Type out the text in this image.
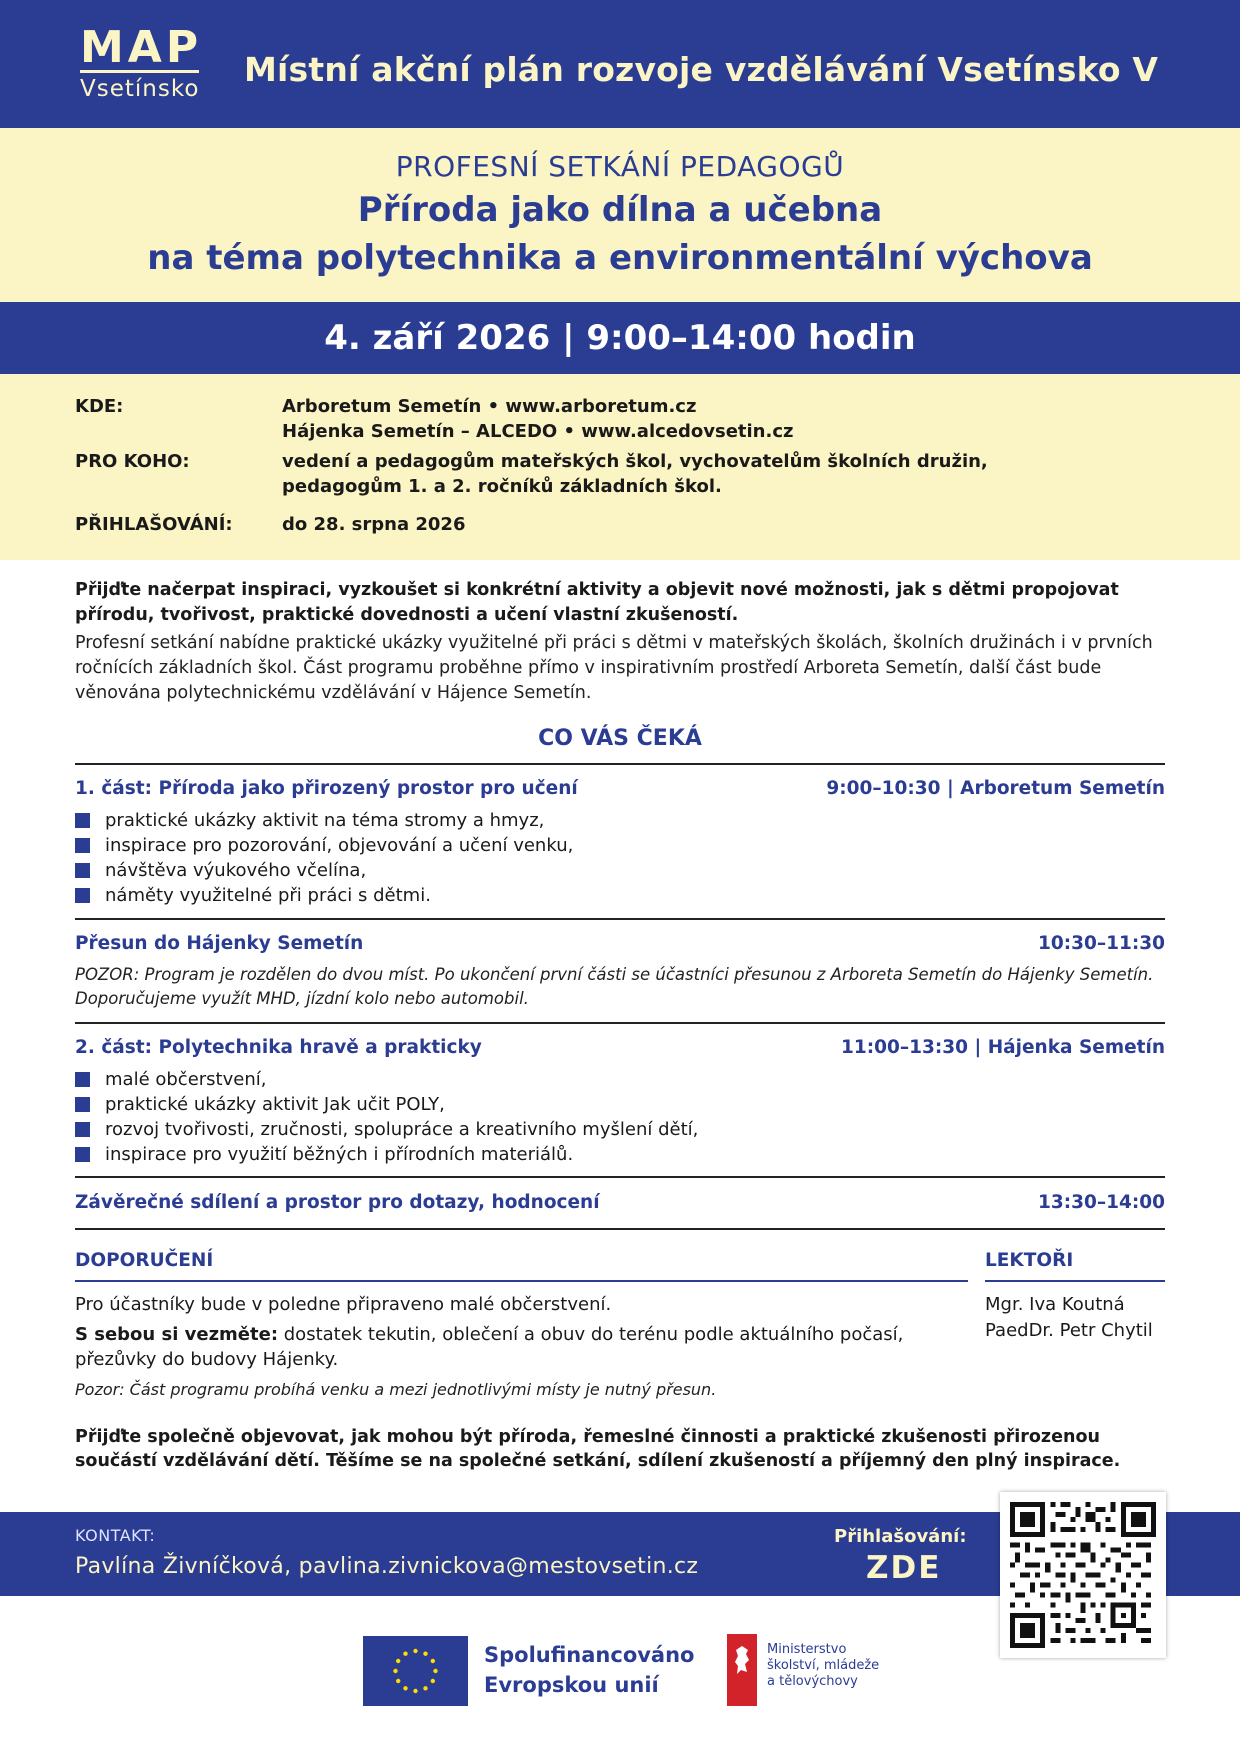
MAP
Vsetínsko	Místní akční plán rozvoje vzdělávání Vsetínsko V
PROFESNÍ SETKÁNÍ PEDAGOGŮ
Příroda jako dílna a učebna
na téma polytechnika a environmentální výchova
4. září 2026 | 9:00–14:00 hodin
KDE:	Arboretum Semetín • www.arboretum.cz
Hájenka Semetín – ALCEDO • www.alcedovsetin.cz
PRO KOHO:	vedení a pedagogům mateřských škol, vychovatelům školních družin,
pedagogům 1. a 2. ročníků základních škol.
PŘIHLAŠOVÁNÍ:	do 28. srpna 2026

Přijďte načerpat inspiraci, vyzkoušet si konkrétní aktivity a objevit nové možnosti, jak s dětmi propojovat přírodu, tvořivost, praktické dovednosti a učení vlastní zkušeností.

Profesní setkání nabídne praktické ukázky využitelné při práci s dětmi v mateřských školách, školních družinách i v prvních ročnících základních škol. Část programu proběhne přímo v inspirativním prostředí Arboreta Semetín, další část bude věnována polytechnickému vzdělávání v Hájence Semetín.

CO VÁS ČEKÁ
1. část: Příroda jako přirozený prostor pro učení	9:00–10:30 | Arboretum Semetín
praktické ukázky aktivit na téma stromy a hmyz,
inspirace pro pozorování, objevování a učení venku,
návštěva výukového včelína,
náměty využitelné při práci s dětmi.
Přesun do Hájenky Semetín	10:30–11:30
POZOR: Program je rozdělen do dvou míst. Po ukončení první části se účastníci přesunou z Arboreta Semetín do Hájenky Semetín. Doporučujeme využít MHD, jízdní kolo nebo automobil.
2. část: Polytechnika hravě a prakticky	11:00–13:30 | Hájenka Semetín
malé občerstvení,
praktické ukázky aktivit Jak učit POLY,
rozvoj tvořivosti, zručnosti, spolupráce a kreativního myšlení dětí,
inspirace pro využití běžných i přírodních materiálů.
Závěrečné sdílení a prostor pro dotazy, hodnocení	13:30–14:00
DOPORUČENÍ	LEKTOŘI

Pro účastníky bude v poledne připraveno malé občerstvení.

S sebou si vezměte: dostatek tekutin, oblečení a obuv do terénu podle aktuálního počasí, přezůvky do budovy Hájenky.

Pozor: Část programu probíhá venku a mezi jednotlivými místy je nutný přesun.

Mgr. Iva Koutná
PaedDr. Petr Chytil
Přijďte společně objevovat, jak mohou být příroda, řemeslné činnosti a praktické zkušenosti přirozenou součástí vzdělávání dětí. Těšíme se na společné setkání, sdílení zkušeností a příjemný den plný inspirace.
KONTAKT:
Pavlína Živníčková, pavlina.zivnickova@mestovsetin.cz
Přihlašování:
ZDE
Spolufinancováno
Evropskou unií
Ministerstvo
školství, mládeže
a tělovýchovy
